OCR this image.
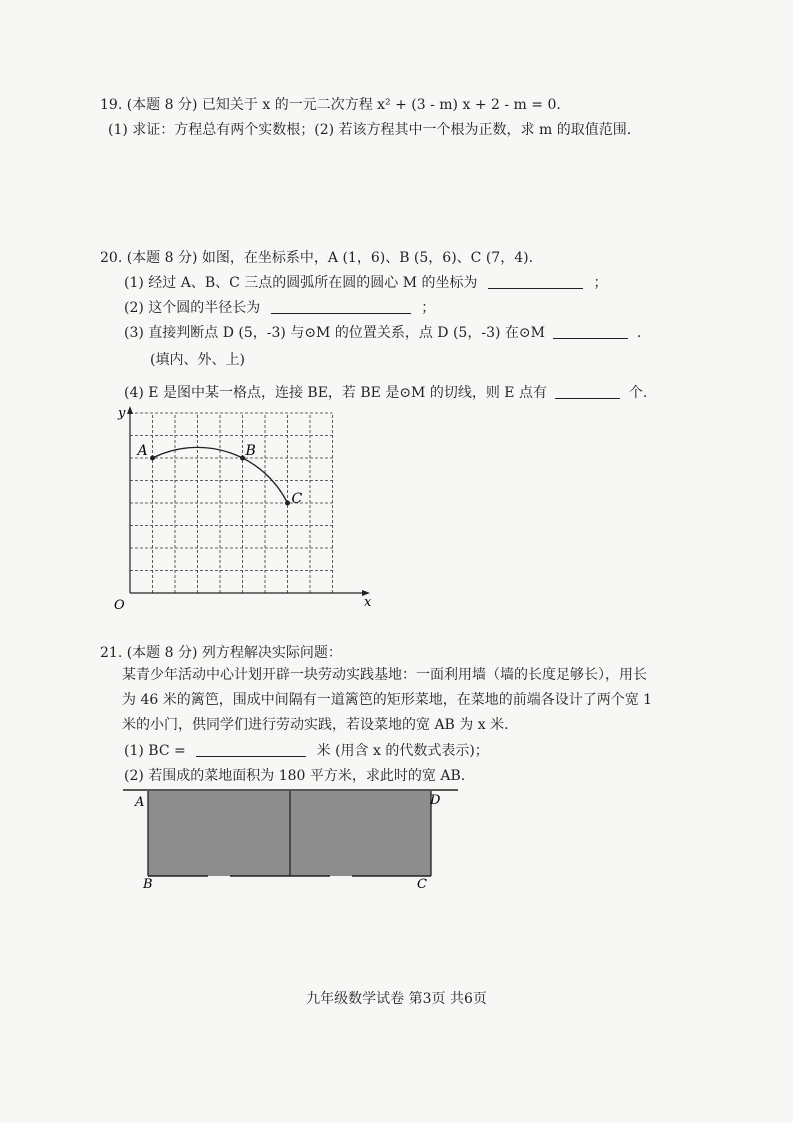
19. (本题 8 分) 已知关于 x 的一元二次方程 x² + (3 - m) x + 2 - m = 0.
(1) 求证：方程总有两个实数根；(2) 若该方程其中一个根为正数，求 m 的取值范围.
20. (本题 8 分) 如图，在坐标系中，A (1，6)、B (5，6)、C (7，4).
(1) 经过 A、B、C 三点的圆弧所在圆的圆心 M 的坐标为	；
(2) 这个圆的半径长为	；
(3) 直接判断点 D (5，-3) 与⊙M 的位置关系，点 D (5，-3) 在⊙M	.
(填内、外、上)
(4) E 是图中某一格点，连接 BE，若 BE 是⊙M 的切线，则 E 点有	个.
y
x
O
A	B
C
21. (本题 8 分) 列方程解决实际问题：
某青少年活动中心计划开辟一块劳动实践基地：一面利用墙（墙的长度足够长），用长
为 46 米的篱笆，围成中间隔有一道篱笆的矩形菜地，在菜地的前端各设计了两个宽 1
米的小门，供同学们进行劳动实践，若设菜地的宽 AB 为 x 米.
(1) BC =	米 (用含 x 的代数式表示)；
(2) 若围成的菜地面积为 180 平方米，求此时的宽 AB.
A	D
B	C
九年级数学试卷 第3页 共6页
